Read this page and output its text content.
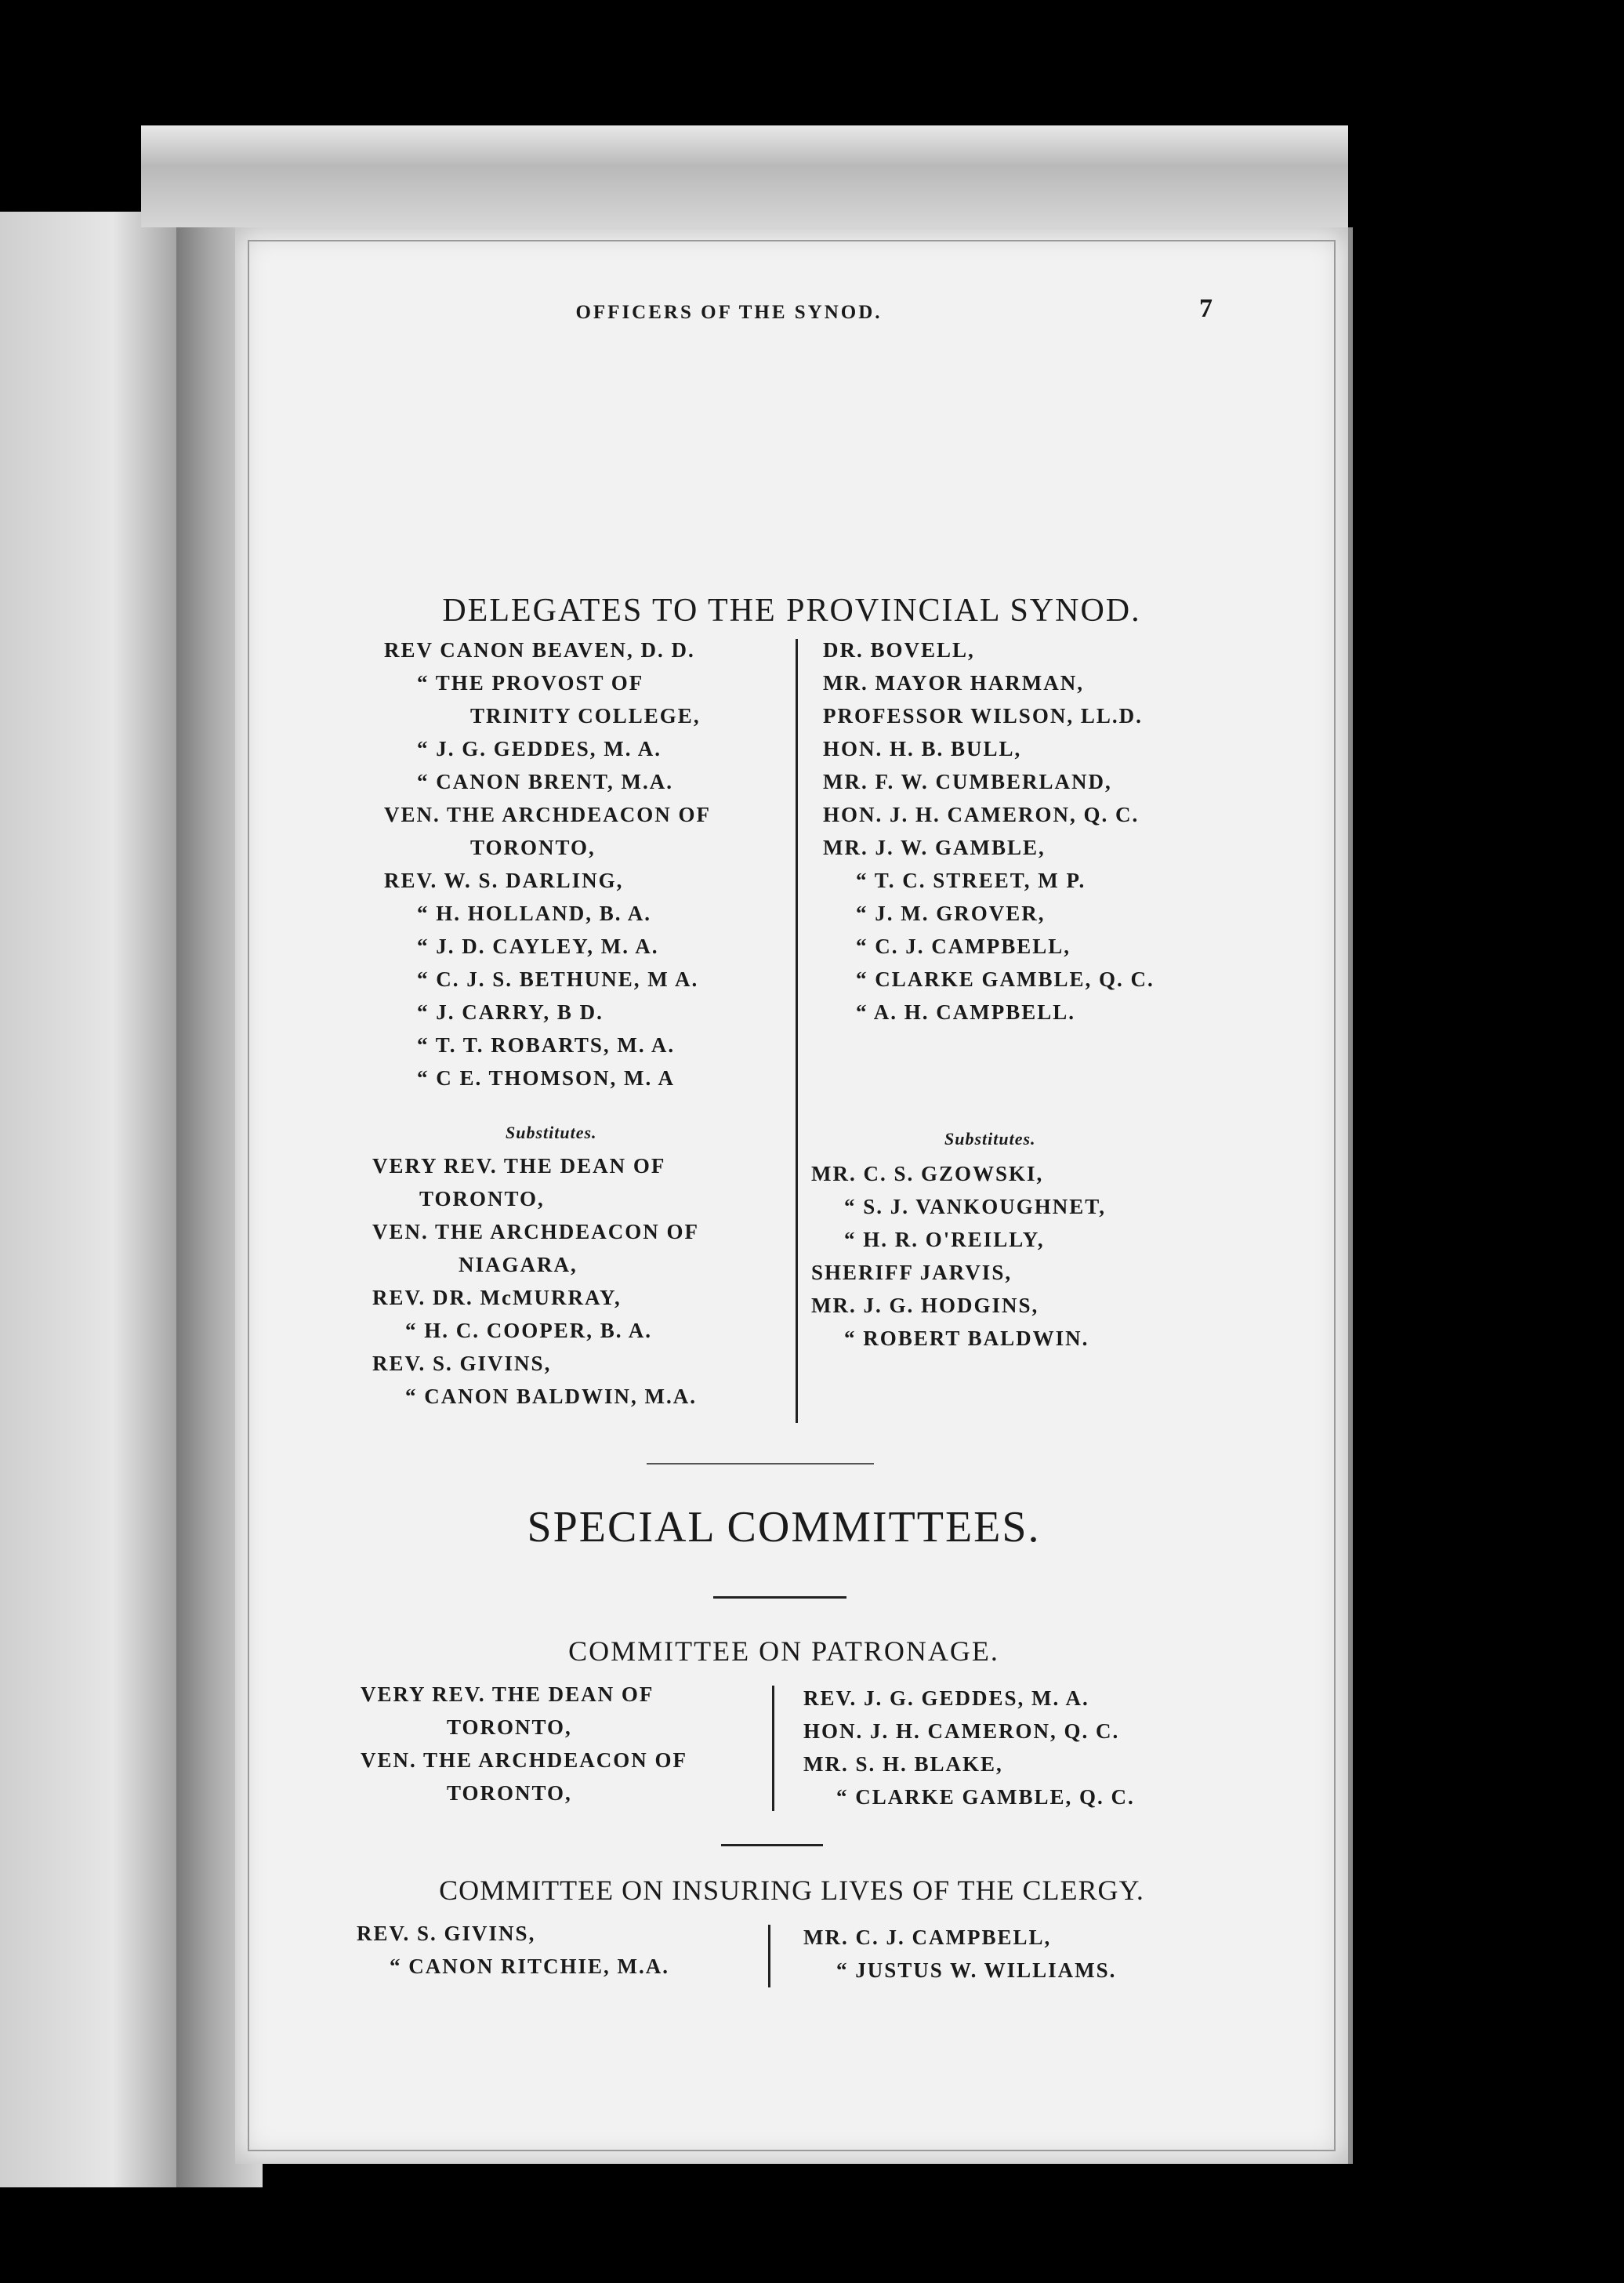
OFFICERS OF THE SYNOD.	7
DELEGATES TO THE PROVINCIAL SYNOD.
REV CANON BEAVEN, D. D.
“ THE PROVOST OF
TRINITY COLLEGE,
“ J. G. GEDDES, M. A.
“ CANON BRENT, M.A.
VEN. THE ARCHDEACON OF
TORONTO,
REV. W. S. DARLING,
“ H. HOLLAND, B. A.
“ J. D. CAYLEY, M. A.
“ C. J. S. BETHUNE, M A.
“ J. CARRY, B D.
“ T. T. ROBARTS, M. A.
“ C E. THOMSON, M. A
DR. BOVELL,
MR. MAYOR HARMAN,
PROFESSOR WILSON, LL.D.
HON. H. B. BULL,
MR. F. W. CUMBERLAND,
HON. J. H. CAMERON, Q. C.
MR. J. W. GAMBLE,
“ T. C. STREET, M P.
“ J. M. GROVER,
“ C. J. CAMPBELL,
“ CLARKE GAMBLE, Q. C.
“ A. H. CAMPBELL.
Substitutes.	Substitutes.
VERY REV. THE DEAN OF
TORONTO,
VEN. THE ARCHDEACON OF
NIAGARA,
REV. DR. McMURRAY,
“ H. C. COOPER, B. A.
REV. S. GIVINS,
“ CANON BALDWIN, M.A.
MR. C. S. GZOWSKI,
“ S. J. VANKOUGHNET,
“ H. R. O'REILLY,
SHERIFF JARVIS,
MR. J. G. HODGINS,
“ ROBERT BALDWIN.
SPECIAL COMMITTEES.
COMMITTEE ON PATRONAGE.
VERY REV. THE DEAN OF
TORONTO,
VEN. THE ARCHDEACON OF
TORONTO,
REV. J. G. GEDDES, M. A.
HON. J. H. CAMERON, Q. C.
MR. S. H. BLAKE,
“ CLARKE GAMBLE, Q. C.
COMMITTEE ON INSURING LIVES OF THE CLERGY.
REV. S. GIVINS,
“ CANON RITCHIE, M.A.
MR. C. J. CAMPBELL,
“ JUSTUS W. WILLIAMS.
